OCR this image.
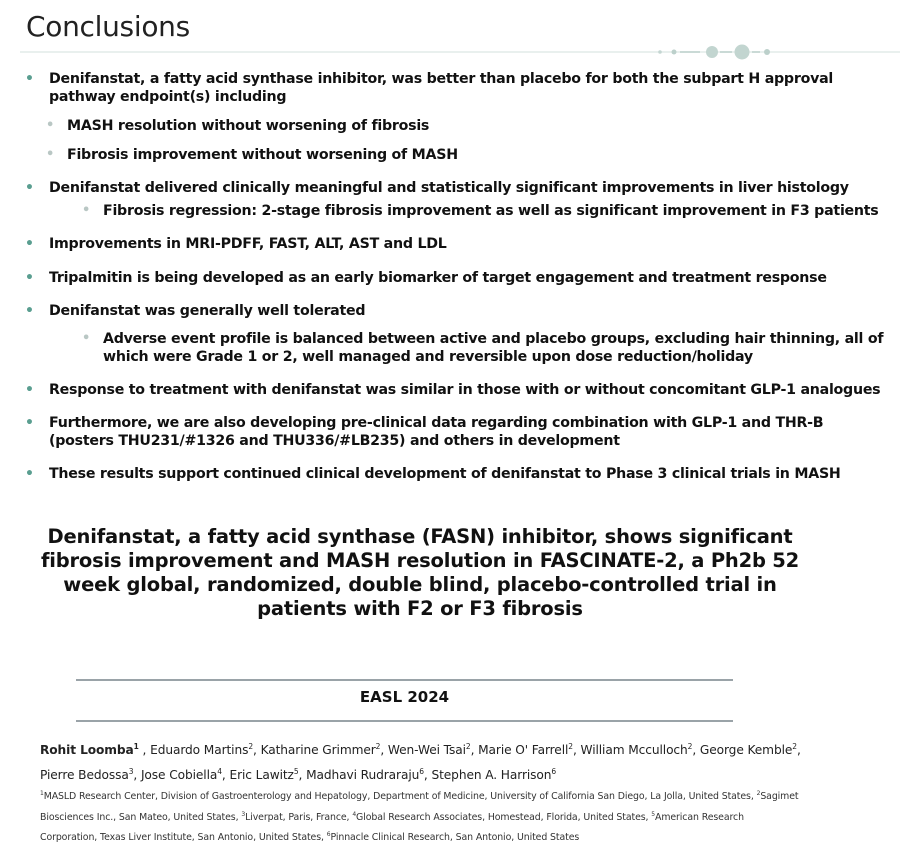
Conclusions
• Denifanstat, a fatty acid synthase inhibitor, was better than placebo for both the subpart H approval pathway endpoint(s) including
• MASH resolution without worsening of fibrosis
• Fibrosis improvement without worsening of MASH
• Denifanstat delivered clinically meaningful and statistically significant improvements in liver histology
• Fibrosis regression: 2-stage fibrosis improvement as well as significant improvement in F3 patients
• Improvements in MRI-PDFF, FAST, ALT, AST and LDL
• Tripalmitin is being developed as an early biomarker of target engagement and treatment response
• Denifanstat was generally well tolerated
• Adverse event profile is balanced between active and placebo groups, excluding hair thinning, all of which were Grade 1 or 2, well managed and reversible upon dose reduction/holiday
• Response to treatment with denifanstat was similar in those with or without concomitant GLP-1 analogues
• Furthermore, we are also developing pre-clinical data regarding combination with GLP-1 and THR-B (posters THU231/#1326 and THU336/#LB235) and others in development
• These results support continued clinical development of denifanstat to Phase 3 clinical trials in MASH
Denifanstat, a fatty acid synthase (FASN) inhibitor, shows significant fibrosis improvement and MASH resolution in FASCINATE-2, a Ph2b 52 week global, randomized, double blind, placebo-controlled trial in patients with F2 or F3 fibrosis
EASL 2024
Rohit Loomba$^1$ , Eduardo Martins$^2$, Katharine Grimmer$^2$, Wen-Wei Tsai$^2$, Marie O' Farrell$^2$, William Mcculloch$^2$, George Kemble$^2$, Pierre Bedossa$^3$, Jose Cobiella$^4$, Eric Lawitz$^5$, Madhavi Rudraraju$^6$, Stephen A. Harrison$^6$
$^1$MASLD Research Center, Division of Gastroenterology and Hepatology, Department of Medicine, University of California San Diego, La Jolla, United States, $^2$Sagimet Biosciences Inc., San Mateo, United States, $^3$Liverpat, Paris, France, $^4$Global Research Associates, Homestead, Florida, United States, $^5$American Research Corporation, Texas Liver Institute, San Antonio, United States, $^6$Pinnacle Clinical Research, San Antonio, United States
